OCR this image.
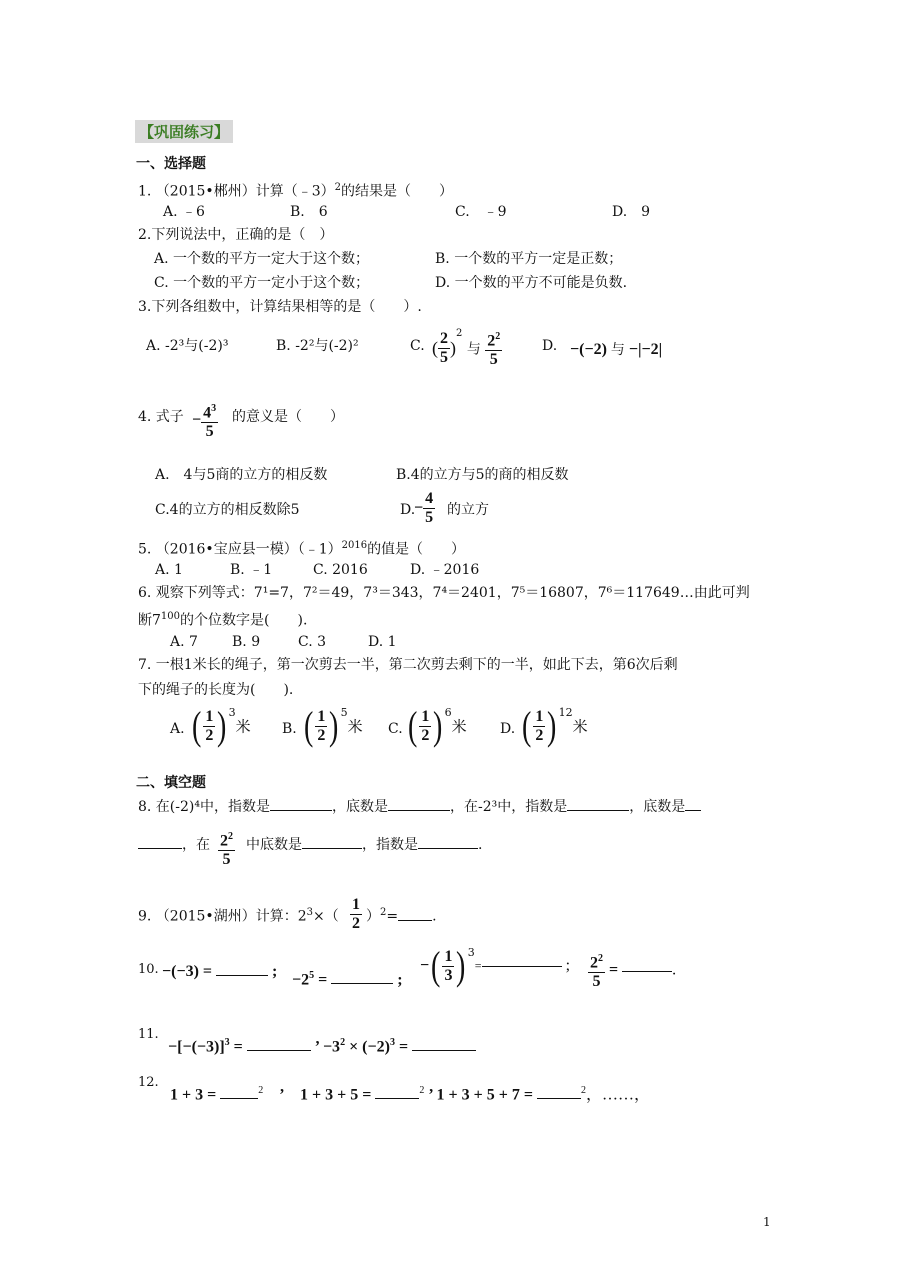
【巩固练习】
一、选择题
1. （2015•郴州）计算（﹣3）$^2$的结果是（　　）
A. ﹣6	B.　6	C.　﹣9	D.　9
2.下列说法中，正确的是（　）
A. 一个数的平方一定大于这个数；	B. 一个数的平方一定是正数；
C. 一个数的平方一定小于这个数；	D. 一个数的平方不可能是负数.
3.下列各组数中，计算结果相等的是（　　）.
A. -2³与(-2)³	B. -2²与(-2)²	C. ( $\frac{2}{5} )^2$ 与 $\frac{2^2}{5}$	D. −(−2) 与 −|−2|
4. 式子 − $\frac{4^3}{5}$ 的意义是（　　）
A.　4与5商的立方的相反数	B.4的立方与5的商的相反数
C.4的立方的相反数除5	D.
− $\frac{4}{5}$ 的立方
5. （2016•宝应县一模）（﹣1）$^{2016}$的值是（　　）
A. 1	B. ﹣1	C. 2016	D. ﹣2016
6. 观察下列等式：7¹=7，7²＝49，7³＝343，7⁴＝2401，7⁵＝16807，7⁶＝117649…由此可判
断$7^{100}$的个位数字是(　　).
A. 7 B. 9	C. 3	D. 1
7. 一根1米长的绳子，第一次剪去一半，第二次剪去剩下的一半，如此下去，第6次后剩
下的绳子的长度为(　　).
A. ( $\frac{1}{2}$ ) $^3$米 B. ( $\frac{1}{2}$ ) $^5$米 C. ( $\frac{1}{2}$ ) $^6$米 D. ( $\frac{1}{2}$ ) $^{12}$米
二、填空题
8. 在(-2)⁴中，指数是	，底数是	，在-2³中，指数是	，底数是
，在 $\frac{2^2}{5}$ 中底数是	，指数是	.
9. （2015•湖州）计算：$2^3\times( \frac{1}{2} )^2=$ .
10. −(−3) =	; $-2^5$ =	;
−( $\frac{1}{3}$ ) $^3$=	; $\frac{2^2}{5}$ =	.
11.
$-[-(-3)]^3$ =	’ $-3^2 \times (-2)^3$ =
12.
1 + 3 =	$^2$　’　1 + 3 + 5 =	$^2$ ’ 1 + 3 + 5 + 7 =	$^2$，……，
1
